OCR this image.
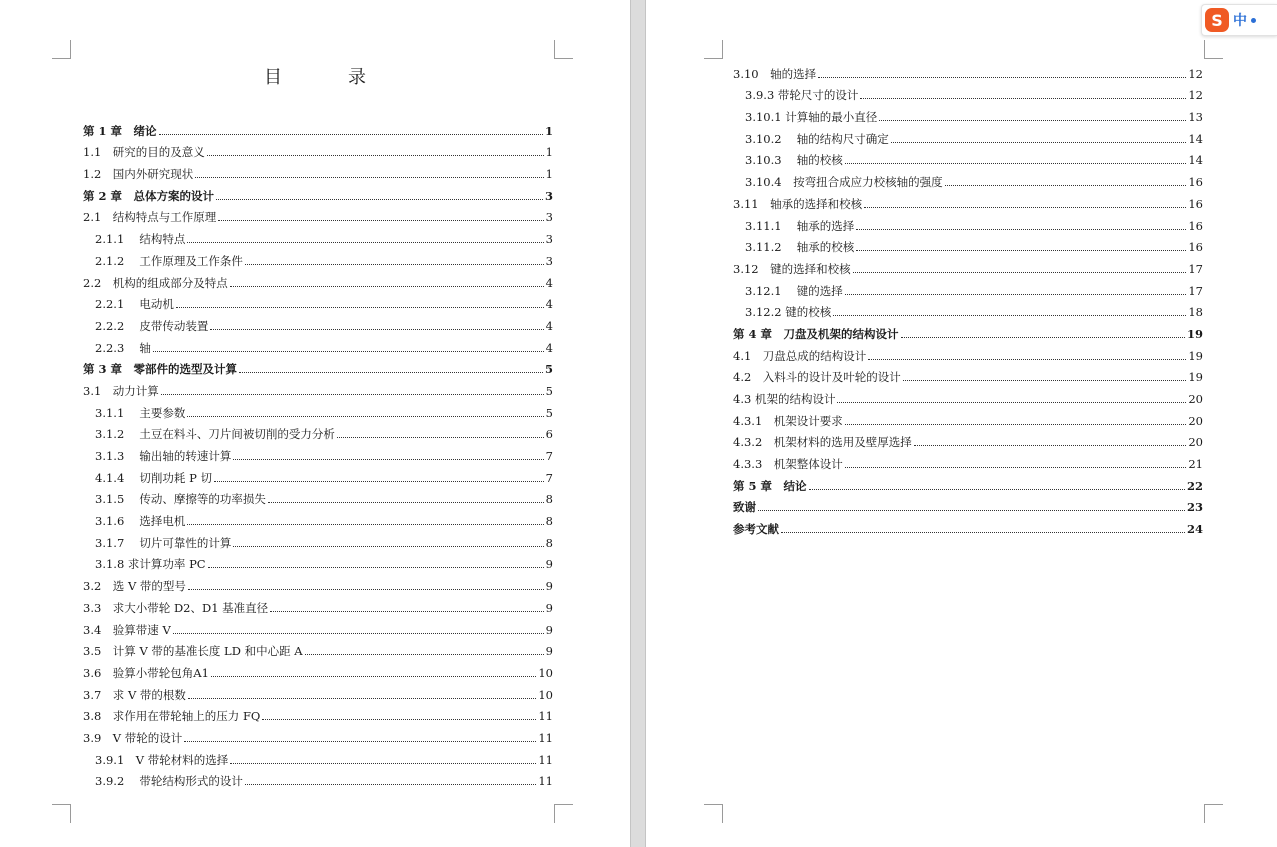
目　录
第 1 章　绪论	1
1.1　研究的目的及意义	1
1.2　国内外研究现状	1
第 2 章　总体方案的设计	3
2.1　结构特点与工作原理	3
2.1.1　 结构特点	3
2.1.2　 工作原理及工作条件	3
2.2　机构的组成部分及特点	4
2.2.1　 电动机	4
2.2.2　 皮带传动装置	4
2.2.3　 轴	4
第 3 章　零部件的选型及计算	5
3.1　动力计算	5
3.1.1　 主要参数	5
3.1.2　 土豆在料斗、刀片间被切削的受力分析	6
3.1.3　 输出轴的转速计算	7
4.1.4　 切削功耗 P 切	7
3.1.5　 传动、摩擦等的功率损失	8
3.1.6　 选择电机	8
3.1.7　 切片可靠性的计算	8
3.1.8 求计算功率 PC	9
3.2　选 V 带的型号	9
3.3　求大小带轮 D2、D1 基准直径	9
3.4　验算带速 V	9
3.5　计算 V 带的基准长度 LD 和中心距 A	9
3.6　验算小带轮包角A1	10
3.7　求 V 带的根数	10
3.8　求作用在带轮轴上的压力 FQ	11
3.9　V 带轮的设计	11
3.9.1　V 带轮材料的选择	11
3.9.2　 带轮结构形式的设计	11
3.10　轴的选择	12
3.9.3 带轮尺寸的设计	12
3.10.1 计算轴的最小直径	13
3.10.2　 轴的结构尺寸确定	14
3.10.3　 轴的校核	14
3.10.4　按弯扭合成应力校核轴的强度	16
3.11　轴承的选择和校核	16
3.11.1　 轴承的选择	16
3.11.2　 轴承的校核	16
3.12　键的选择和校核	17
3.12.1　 键的选择	17
3.12.2 键的校核	18
第 4 章　刀盘及机架的结构设计	19
4.1　刀盘总成的结构设计	19
4.2　入料斗的设计及叶轮的设计	19
4.3 机架的结构设计	20
4.3.1　机架设计要求	20
4.3.2　机架材料的选用及壁厚选择	20
4.3.3　机架整体设计	21
第 5 章　结论	22
致谢	23
参考文献	24
S 中
